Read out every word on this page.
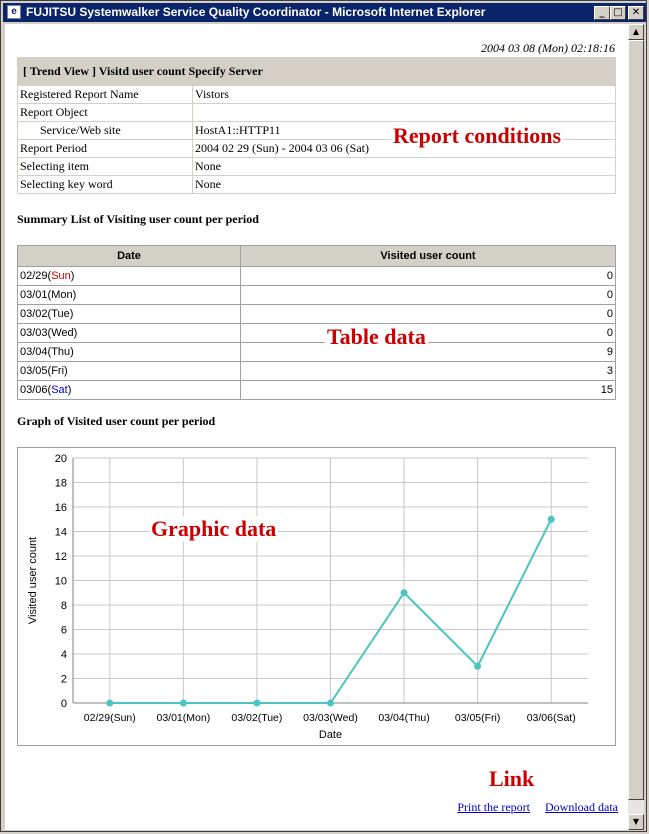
e FUJITSU Systemwalker Service Quality Coordinator - Microsoft Internet Explorer	_ □ ✕
2004 03 08 (Mon) 02:18:16
[ Trend View ] Visitd user count Specify Server
Registered Report Name	Vistors
Report Object	
Service/Web site	HostA1::HTTP11
Report Period	2004 02 29 (Sun) - 2004 03 06 (Sat)
Selecting item	None
Selecting key word	None
Report conditions
Summary List of Visiting user count per period
Date	Visited user count
02/29(Sun)	0
03/01(Mon)	0
03/02(Tue)	0
03/03(Wed)	0
03/04(Thu)	9
03/05(Fri)	3
03/06(Sat)	15
Table data
Graph of Visited user count per period
0
2
4
6
8
10
12
14
16
18
20
02/29(Sun) 03/01(Mon) 03/02(Tue) 03/03(Wed) 03/04(Thu) 03/05(Fri)	03/06(Sat)
Date
Visited user count
Graphic data
Link
Print the report Download data
▲
▼
